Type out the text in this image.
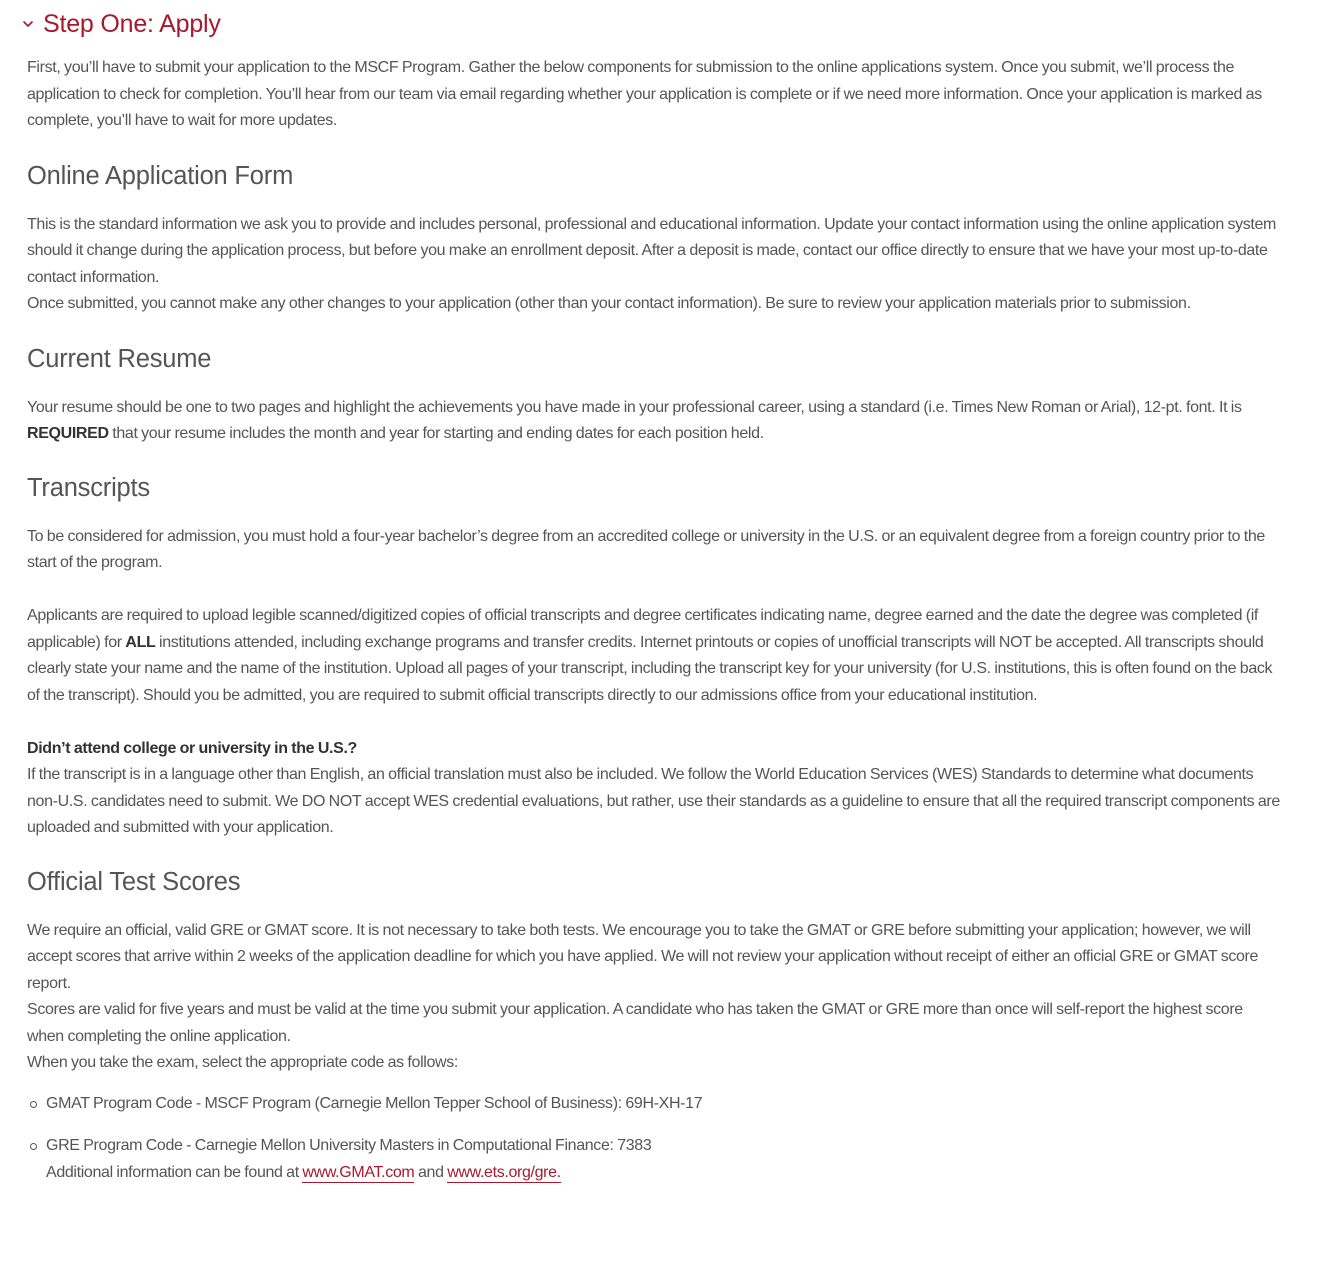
Step One: Apply

First, you’ll have to submit your application to the MSCF Program. Gather the below components for submission to the online applications system. Once you submit, we’ll process the application to check for completion. You’ll hear from our team via email regarding whether your application is complete or if we need more information. Once your application is marked as complete, you’ll have to wait for more updates.

Online Application Form

This is the standard information we ask you to provide and includes personal, professional and educational information. Update your contact information using the online application system should it change during the application process, but before you make an enrollment deposit. After a deposit is made, contact our office directly to ensure that we have your most up-to-date contact information.

Once submitted, you cannot make any other changes to your application (other than your contact information). Be sure to review your application materials prior to submission.

Current Resume

Your resume should be one to two pages and highlight the achievements you have made in your professional career, using a standard (i.e. Times New Roman or Arial), 12-pt. font. It is REQUIRED that your resume includes the month and year for starting and ending dates for each position held.

Transcripts

To be considered for admission, you must hold a four-year bachelor’s degree from an accredited college or university in the U.S. or an equivalent degree from a foreign country prior to the start of the program.

Applicants are required to upload legible scanned/digitized copies of official transcripts and degree certificates indicating name, degree earned and the date the degree was completed (if applicable) for ALL institutions attended, including exchange programs and transfer credits. Internet printouts or copies of unofficial transcripts will NOT be accepted. All transcripts should clearly state your name and the name of the institution. Upload all pages of your transcript, including the transcript key for your university (for U.S. institutions, this is often found on the back of the transcript). Should you be admitted, you are required to submit official transcripts directly to our admissions office from your educational institution.

Didn’t attend college or university in the U.S.?

If the transcript is in a language other than English, an official translation must also be included. We follow the World Education Services (WES) Standards to determine what documents non-U.S. candidates need to submit. We DO NOT accept WES credential evaluations, but rather, use their standards as a guideline to ensure that all the required transcript components are uploaded and submitted with your application.

Official Test Scores

We require an official, valid GRE or GMAT score. It is not necessary to take both tests. We encourage you to take the GMAT or GRE before submitting your application; however, we will accept scores that arrive within 2 weeks of the application deadline for which you have applied. We will not review your application without receipt of either an official GRE or GMAT score report.

Scores are valid for five years and must be valid at the time you submit your application. A candidate who has taken the GMAT or GRE more than once will self-report the highest score when completing the online application.

When you take the exam, select the appropriate code as follows:

GMAT Program Code - MSCF Program (Carnegie Mellon Tepper School of Business): 69H-XH-17

GRE Program Code - Carnegie Mellon University Masters in Computational Finance: 7383

Additional information can be found at www.GMAT.com and www.ets.org/gre.
